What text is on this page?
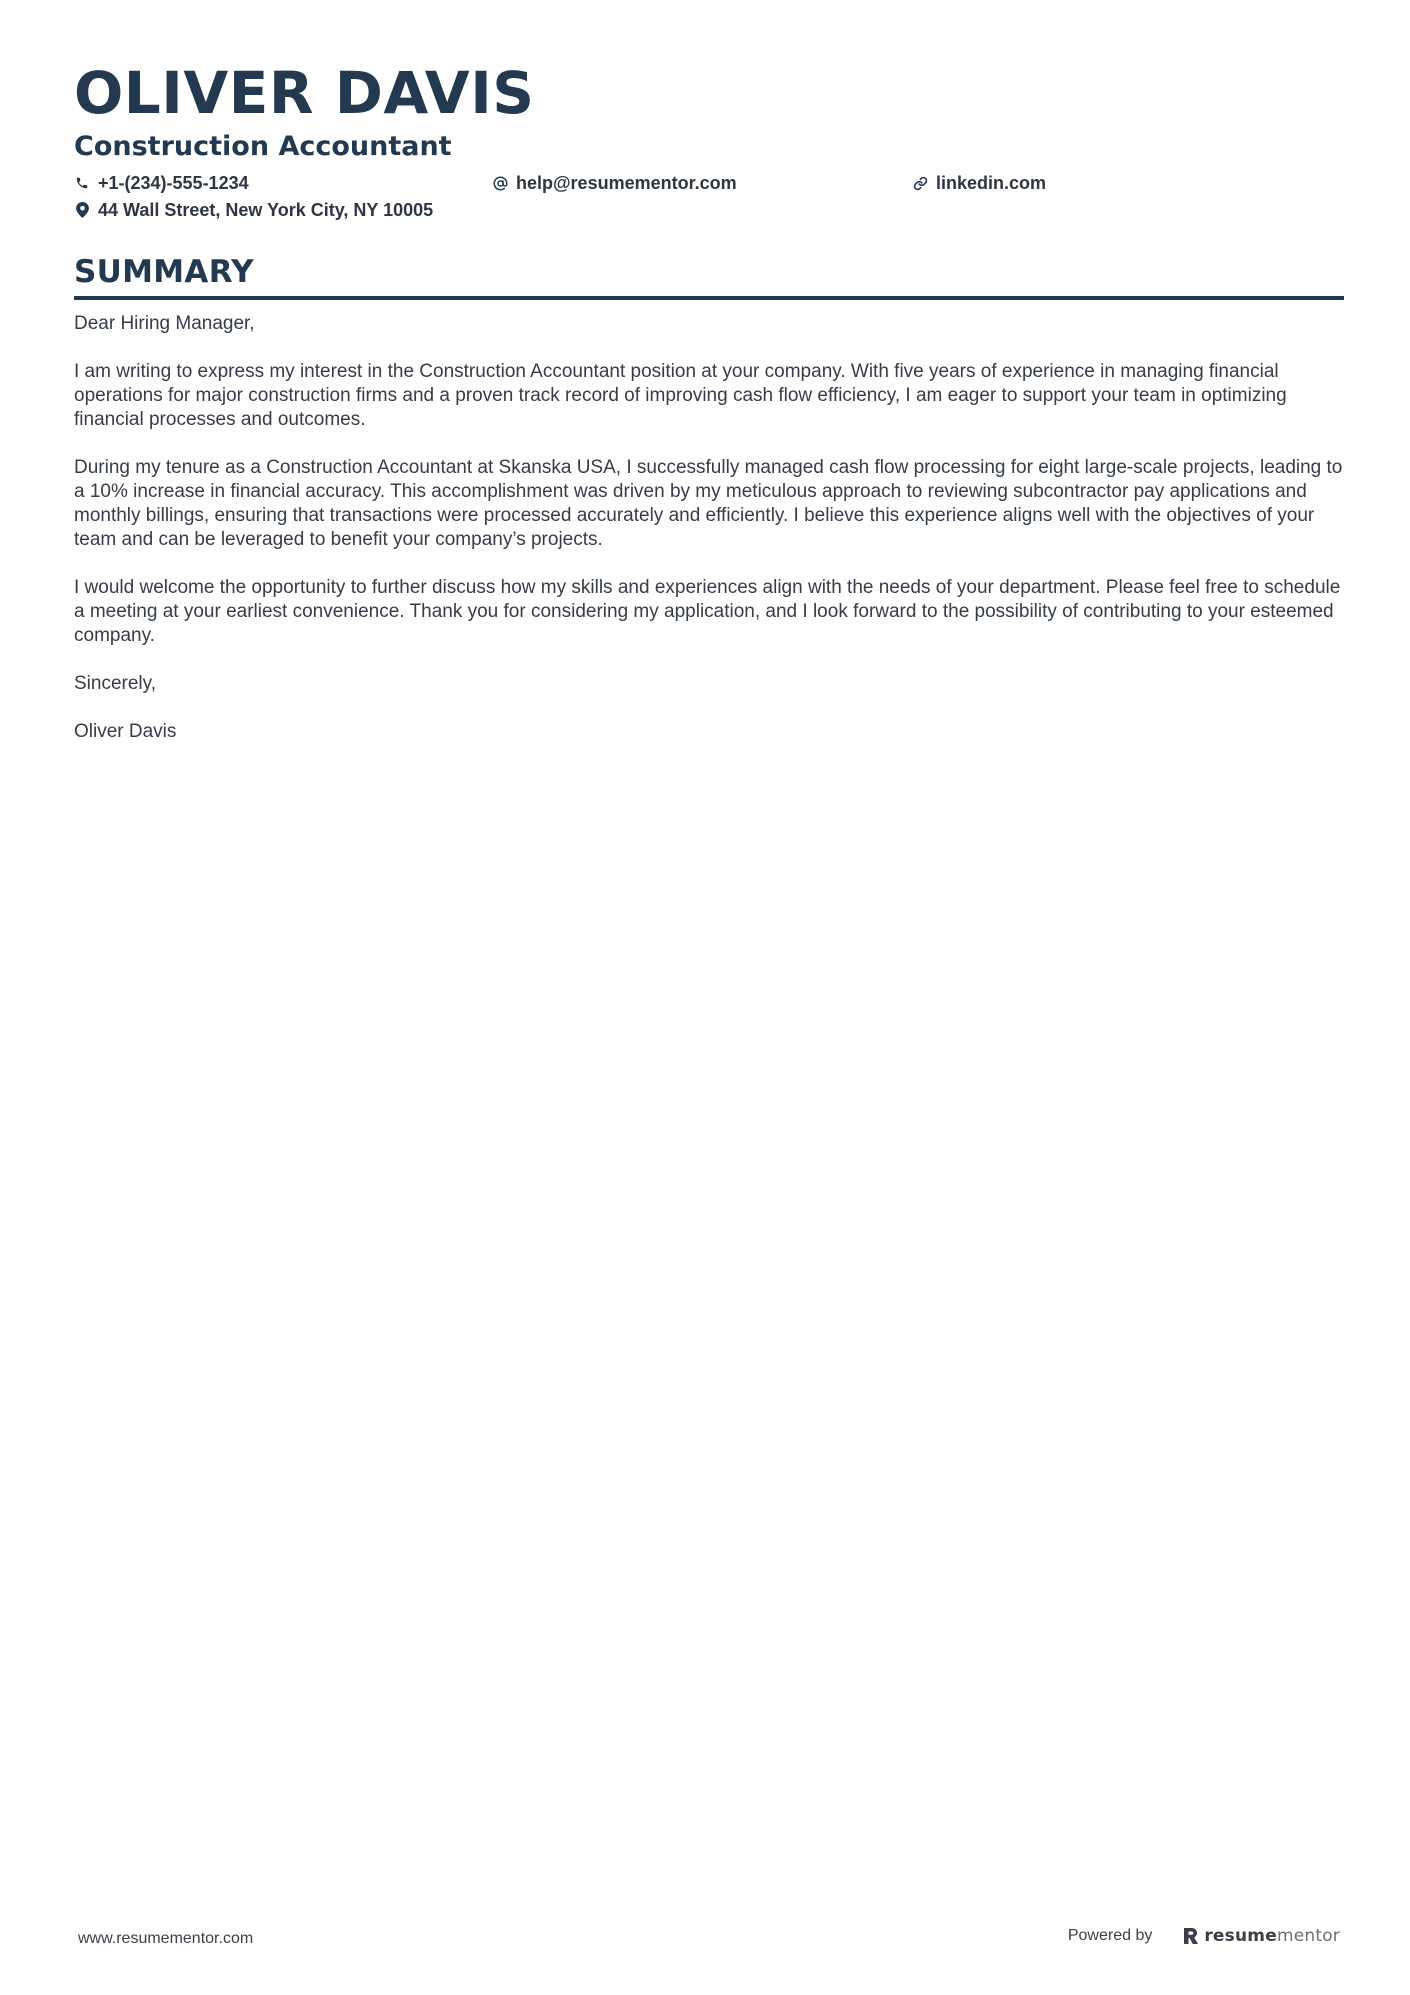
OLIVER DAVIS
Construction Accountant
+1-(234)-555-1234	help@resumementor.com	linkedin.com
44 Wall Street, New York City, NY 10005
SUMMARY

Dear Hiring Manager,

I am writing to express my interest in the Construction Accountant position at your company. With five years of experience in managing financial operations for major construction firms and a proven track record of improving cash flow efficiency, I am eager to support your team in optimizing financial processes and outcomes.

During my tenure as a Construction Accountant at Skanska USA, I successfully managed cash flow processing for eight large-scale projects, leading to a 10% increase in financial accuracy. This accomplishment was driven by my meticulous approach to reviewing subcontractor pay applications and monthly billings, ensuring that transactions were processed accurately and efficiently. I believe this experience aligns well with the objectives of your team and can be leveraged to benefit your company’s projects.

I would welcome the opportunity to further discuss how my skills and experiences align with the needs of your department. Please feel free to schedule a meeting at your earliest convenience. Thank you for considering my application, and I look forward to the possibility of contributing to your esteemed company.

Sincerely,

Oliver Davis

www.resumementor.com	Powered by	resume mentor
